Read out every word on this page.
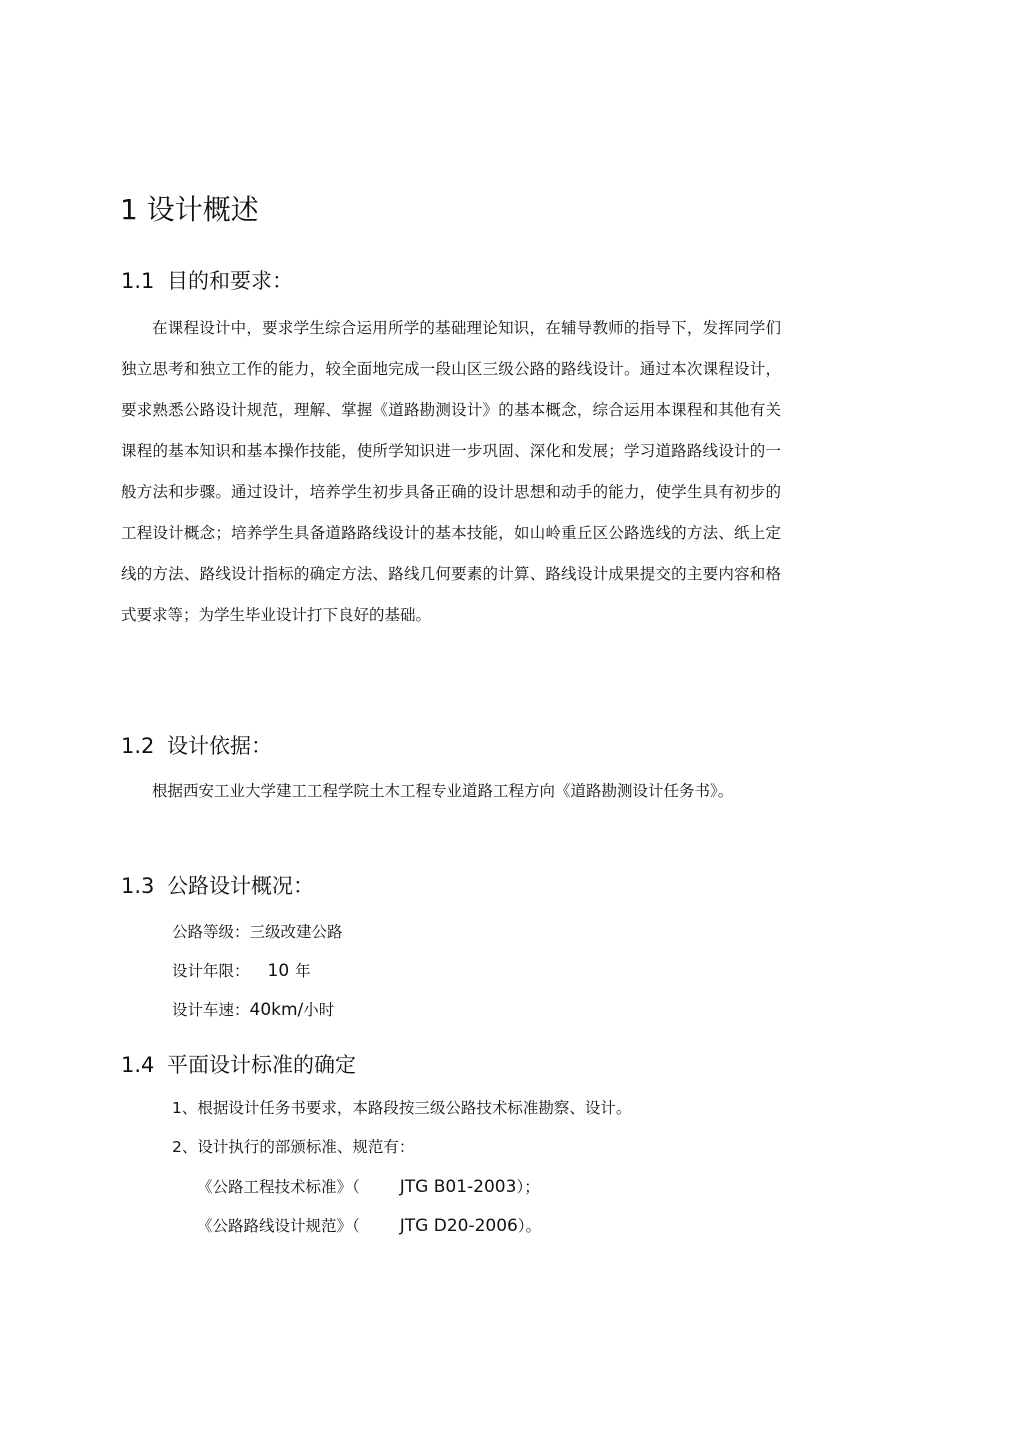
1 设计概述
1.1 目的和要求：

在课程设计中，要求学生综合运用所学的基础理论知识，在辅导教师的指导下，发挥同学们独立思考和独立工作的能力，较全面地完成一段山区三级公路的路线设计。通过本次课程设计，要求熟悉公路设计规范，理解、掌握《道路勘测设计》的基本概念，综合运用本课程和其他有关课程的基本知识和基本操作技能，使所学知识进一步巩固、深化和发展；学习道路路线设计的一般方法和步骤。通过设计，培养学生初步具备正确的设计思想和动手的能力，使学生具有初步的工程设计概念；培养学生具备道路路线设计的基本技能，如山岭重丘区公路选线的方法、纸上定线的方法、路线设计指标的确定方法、路线几何要素的计算、路线设计成果提交的主要内容和格式要求等；为学生毕业设计打下良好的基础。

1.2 设计依据：

根据西安工业大学建工工程学院土木工程专业道路工程方向《道路勘测设计任务书》。

1.3 公路设计概况：
公路等级：三级改建公路
设计年限： 10 年
设计车速：40km/小时
1.4 平面设计标准的确定
1、根据设计任务书要求，本路段按三级公路技术标准勘察、设计。
2、设计执行的部颁标准、规范有：
《公路工程技术标准》（ JTG B01-2003）；
《公路路线设计规范》（ JTG D20-2006）。
